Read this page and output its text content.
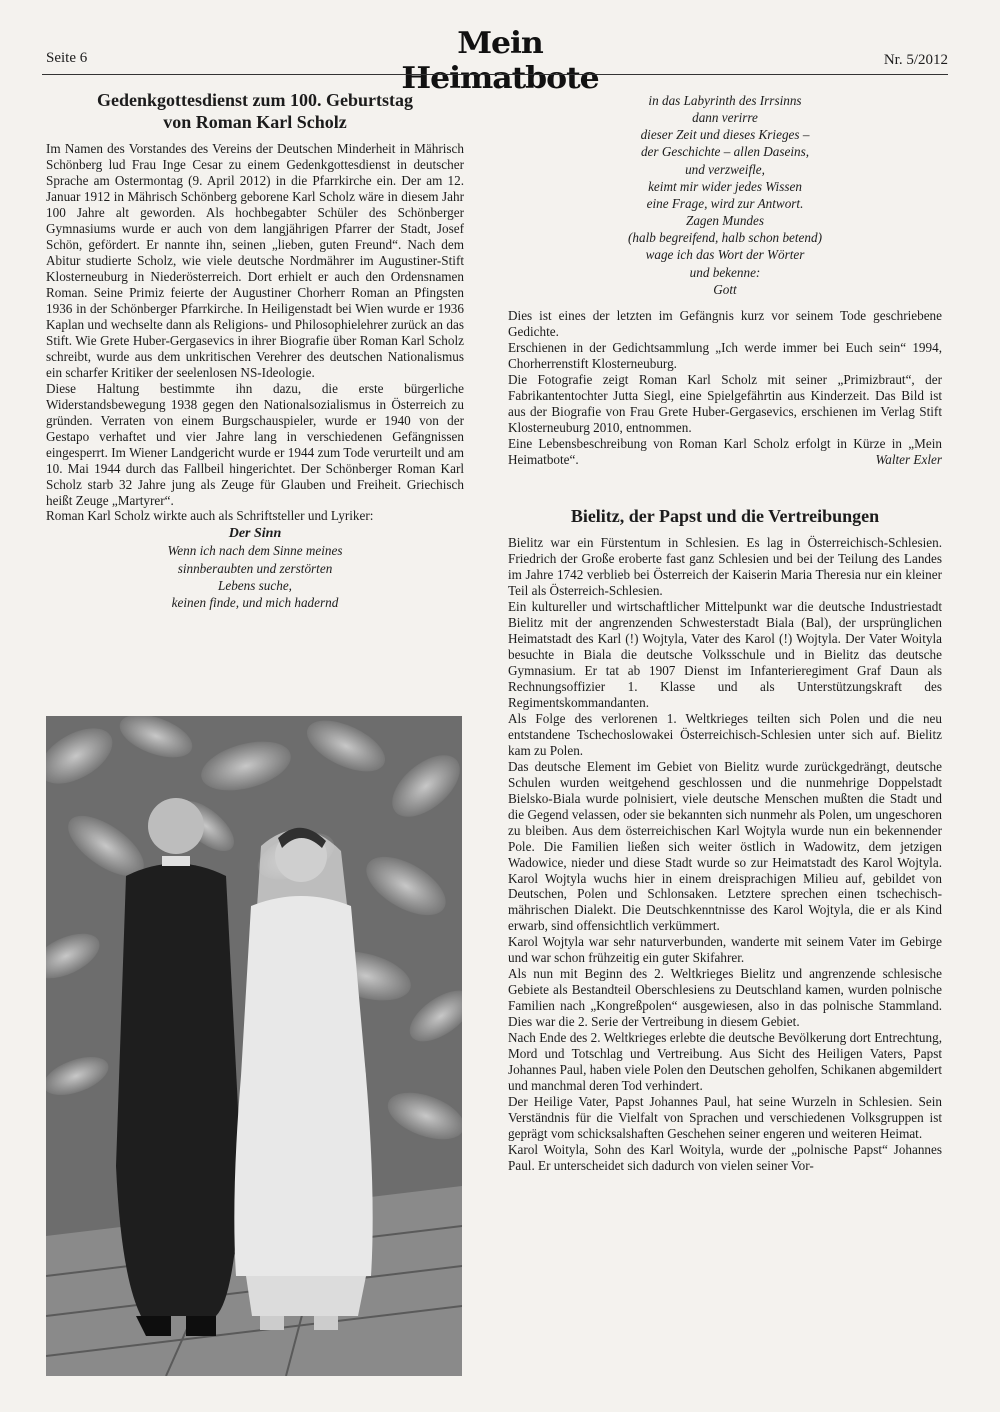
Seite 6	Mein Heimatbote
Nr. 5/2012
Gedenkgottesdienst zum 100. Geburtstag
von Roman Karl Scholz

Im Namen des Vorstandes des Vereins der Deutschen Minderheit in Mährisch Schönberg lud Frau Inge Cesar zu einem Gedenkgottesdienst in deutscher Sprache am Ostermontag (9. April 2012) in die Pfarrkirche ein. Der am 12. Januar 1912 in Mährisch Schönberg geborene Karl Scholz wäre in diesem Jahr 100 Jahre alt geworden. Als hochbegabter Schüler des Schönberger Gymnasiums wurde er auch von dem langjährigen Pfarrer der Stadt, Josef Schön, gefördert. Er nannte ihn, seinen „lieben, guten Freund“. Nach dem Abitur studierte Scholz, wie viele deutsche Nordmährer im Augustiner-Stift Klosterneuburg in Niederösterreich. Dort erhielt er auch den Ordensnamen Roman. Seine Primiz feierte der Augustiner Chorherr Roman an Pfingsten 1936 in der Schönberger Pfarrkirche. In Heiligenstadt bei Wien wurde er 1936 Kaplan und wechselte dann als Religions- und Philosophielehrer zurück an das Stift. Wie Grete Huber-Gergasevics in ihrer Biografie über Roman Karl Scholz schreibt, wurde aus dem unkritischen Verehrer des deutschen Nationalismus ein scharfer Kritiker der seelenlosen NS-Ideologie.

Diese Haltung bestimmte ihn dazu, die erste bürgerliche Widerstandsbewegung 1938 gegen den Nationalsozialismus in Österreich zu gründen. Verraten von einem Burgschauspieler, wurde er 1940 von der Gestapo verhaftet und vier Jahre lang in verschiedenen Gefängnissen eingesperrt. Im Wiener Landgericht wurde er 1944 zum Tode verurteilt und am 10. Mai 1944 durch das Fallbeil hingerichtet. Der Schönberger Roman Karl Scholz starb 32 Jahre jung als Zeuge für Glauben und Freiheit. Griechisch heißt Zeuge „Martyrer“.

Roman Karl Scholz wirkte auch als Schriftsteller und Lyriker:

Der Sinn
Wenn ich nach dem Sinne meines
sinnberaubten und zerstörten
Lebens suche,
keinen finde, und mich hadernd
in das Labyrinth des Irrsinns
dann verirre
dieser Zeit und dieses Krieges –
der Geschichte – allen Daseins,
und verzweifle,
keimt mir wider jedes Wissen
eine Frage, wird zur Antwort.
Zagen Mundes
(halb begreifend, halb schon betend)
wage ich das Wort der Wörter
und bekenne:
Gott

Dies ist eines der letzten im Gefängnis kurz vor seinem Tode geschriebene Gedichte.

Erschienen in der Gedichtsammlung „Ich werde immer bei Euch sein“ 1994, Chorherrenstift Klosterneuburg.

Die Fotografie zeigt Roman Karl Scholz mit seiner „Primizbraut“, der Fabrikantentochter Jutta Siegl, eine Spielgefährtin aus Kinderzeit. Das Bild ist aus der Biografie von Frau Grete Huber-Gergasevics, erschienen im Verlag Stift Klosterneuburg 2010, entnommen.

Eine Lebensbeschreibung von Roman Karl Scholz erfolgt in Kürze in „Mein Heimatbote“.	Walter Exler

Bielitz, der Papst und die Vertreibungen

Bielitz war ein Fürstentum in Schlesien. Es lag in Österreichisch-Schlesien. Friedrich der Große eroberte fast ganz Schlesien und bei der Teilung des Landes im Jahre 1742 verblieb bei Österreich der Kaiserin Maria Theresia nur ein kleiner Teil als Österreich-Schlesien.

Ein kultureller und wirtschaftlicher Mittelpunkt war die deutsche Industriestadt Bielitz mit der angrenzenden Schwesterstadt Biala (Bal), der ursprünglichen Heimatstadt des Karl (!) Wojtyla, Vater des Karol (!) Wojtyla. Der Vater Woityla besuchte in Biala die deutsche Volksschule und in Bielitz das deutsche Gymnasium. Er tat ab 1907 Dienst im Infanterieregiment Graf Daun als Rechnungsoffizier 1. Klasse und als Unterstützungskraft des Regimentskommandanten.

Als Folge des verlorenen 1. Weltkrieges teilten sich Polen und die neu entstandene Tschechoslowakei Österreichisch-Schlesien unter sich auf. Bielitz kam zu Polen.

Das deutsche Element im Gebiet von Bielitz wurde zurückgedrängt, deutsche Schulen wurden weitgehend geschlossen und die nunmehrige Doppelstadt Bielsko-Biala wurde polnisiert, viele deutsche Menschen mußten die Stadt und die Gegend velassen, oder sie bekannten sich nunmehr als Polen, um ungeschoren zu bleiben. Aus dem österreichischen Karl Wojtyla wurde nun ein bekennender Pole. Die Familien ließen sich weiter östlich in Wadowitz, dem jetzigen Wadowice, nieder und diese Stadt wurde so zur Heimatstadt des Karol Wojtyla. Karol Wojtyla wuchs hier in einem dreisprachigen Milieu auf, gebildet von Deutschen, Polen und Schlonsaken. Letztere sprechen einen tschechisch-mährischen Dialekt. Die Deutschkenntnisse des Karol Wojtyla, die er als Kind erwarb, sind offensichtlich verkümmert.

Karol Wojtyla war sehr naturverbunden, wanderte mit seinem Vater im Gebirge und war schon frühzeitig ein guter Skifahrer.

Als nun mit Beginn des 2. Weltkrieges Bielitz und angrenzende schlesische Gebiete als Bestandteil Oberschlesiens zu Deutschland kamen, wurden polnische Familien nach „Kongreßpolen“ ausgewiesen, also in das polnische Stammland. Dies war die 2. Serie der Vertreibung in diesem Gebiet.

Nach Ende des 2. Weltkrieges erlebte die deutsche Bevölkerung dort Entrechtung, Mord und Totschlag und Vertreibung. Aus Sicht des Heiligen Vaters, Papst Johannes Paul, haben viele Polen den Deutschen geholfen, Schikanen abgemildert und manchmal deren Tod verhindert.

Der Heilige Vater, Papst Johannes Paul, hat seine Wurzeln in Schlesien. Sein Verständnis für die Vielfalt von Sprachen und verschiedenen Volksgruppen ist geprägt vom schicksalshaften Geschehen seiner engeren und weiteren Heimat.

Karol Woityla, Sohn des Karl Woityla, wurde der „polnische Papst“ Johannes Paul. Er unterscheidet sich dadurch von vielen seiner Vor-
